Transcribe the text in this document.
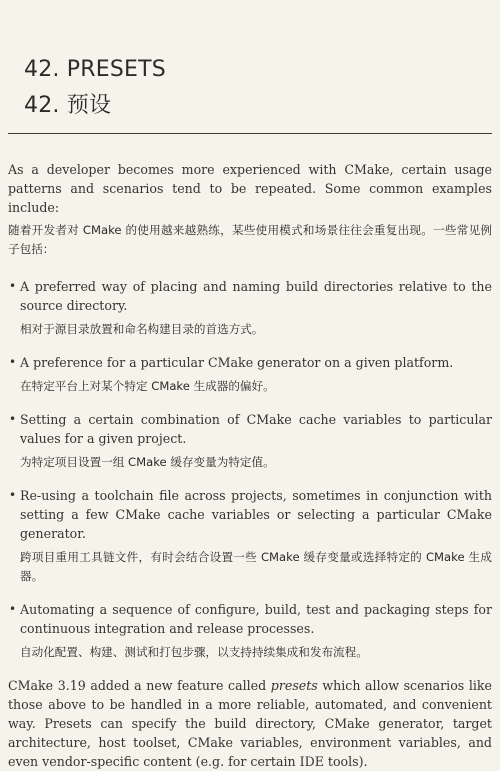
42. PRESETS
42. 预设

As a developer becomes more experienced with CMake, certain usage patterns and scenarios tend to be repeated. Some common examples include:

随着开发者对 CMake 的使用越来越熟练，某些使用模式和场景往往会重复出现。一些常见例子包括：

• A preferred way of placing and naming build directories relative to the source directory.

相对于源目录放置和命名构建目录的首选方式。

• A preference for a particular CMake generator on a given platform.

在特定平台上对某个特定 CMake 生成器的偏好。

• Setting a certain combination of CMake cache variables to particular values for a given project.

为特定项目设置一组 CMake 缓存变量为特定值。

• Re-using a toolchain file across projects, sometimes in conjunction with setting a few CMake cache variables or selecting a particular CMake generator.

跨项目重用工具链文件，有时会结合设置一些 CMake 缓存变量或选择特定的 CMake 生成器。

• Automating a sequence of configure, build, test and packaging steps for continuous integration and release processes.

自动化配置、构建、测试和打包步骤，以支持持续集成和发布流程。

CMake 3.19 added a new feature called presets which allow scenarios like those above to be handled in a more reliable, automated, and convenient way. Presets can specify the build directory, CMake generator, target architecture, host toolset, CMake variables, environment variables, and even vendor-specific content (e.g. for certain IDE tools).
